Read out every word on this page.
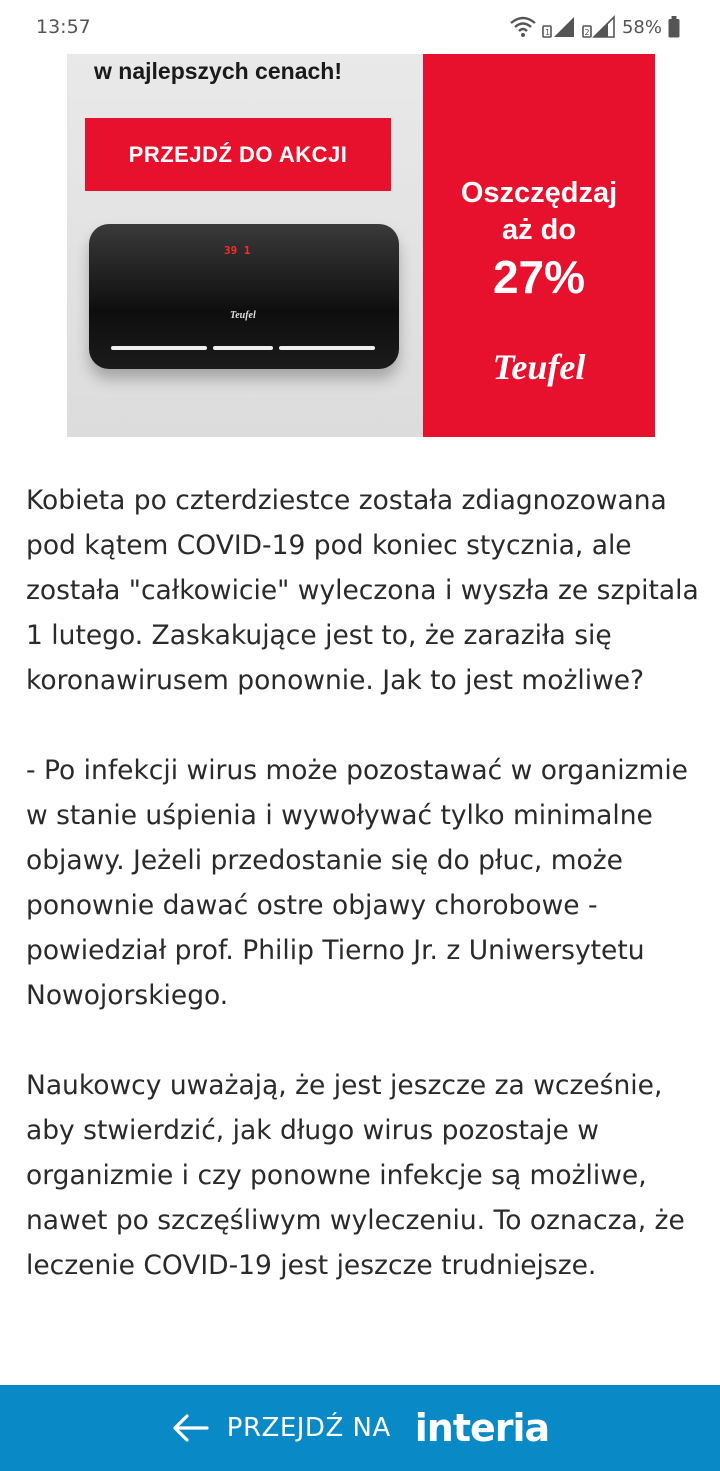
13:57	1	2 58%
w najlepszych cenach!
PRZEJDŹ DO AKCJI
39 1
Teufel
Oszczędzaj
aż do
27%
Teufel

Kobieta po czterdziestce została zdiagnozowana pod kątem COVID-19 pod koniec stycznia, ale została "całkowicie" wyleczona i wyszła ze szpitala 1 lutego. Zaskakujące jest to, że zaraziła się koronawirusem ponownie. Jak to jest możliwe?

- Po infekcji wirus może pozostawać w organizmie w stanie uśpienia i wywoływać tylko minimalne objawy. Jeżeli przedostanie się do płuc, może ponownie dawać ostre objawy chorobowe - powiedział prof. Philip Tierno Jr. z Uniwersytetu Nowojorskiego.

Naukowcy uważają, że jest jeszcze za wcześnie, aby stwierdzić, jak długo wirus pozostaje w organizmie i czy ponowne infekcje są możliwe, nawet po szczęśliwym wyleczeniu. To oznacza, że leczenie COVID-19 jest jeszcze trudniejsze.

PRZEJDŹ NA interia
